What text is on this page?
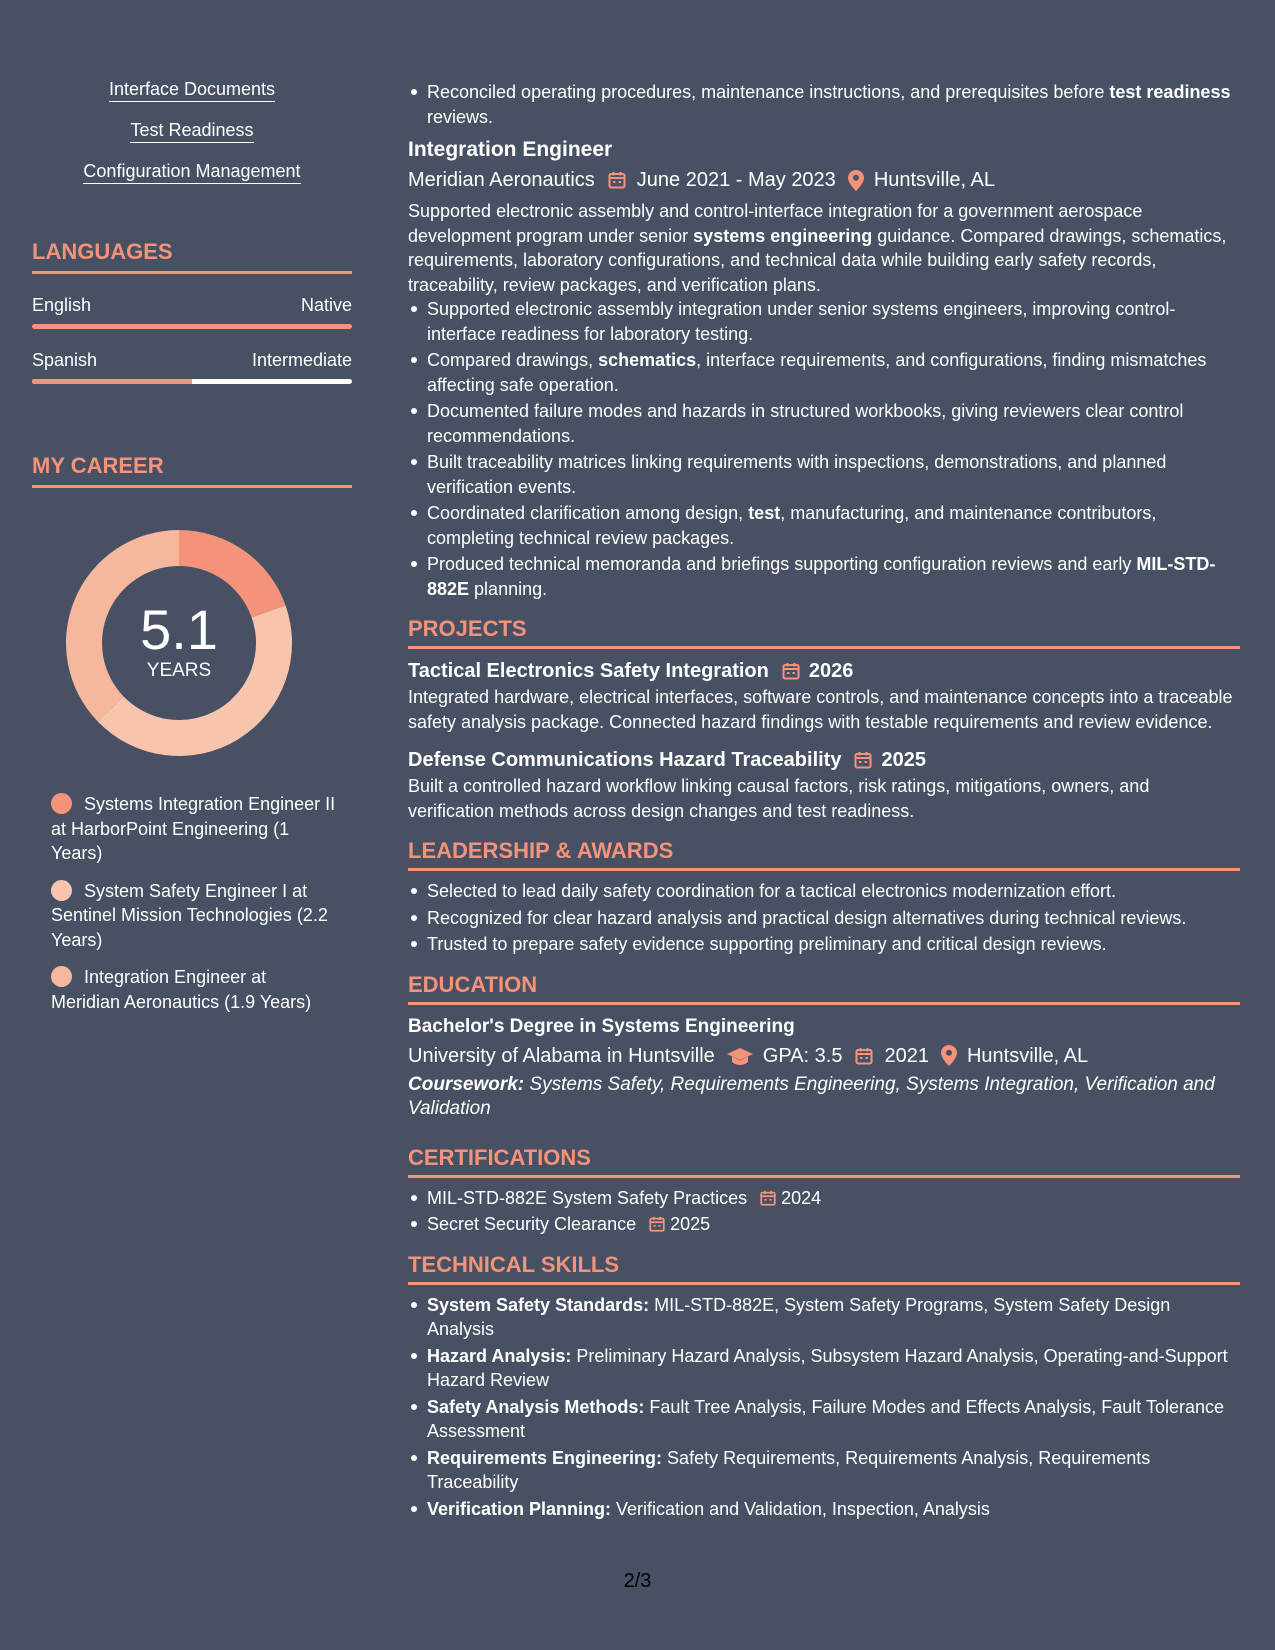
Interface Documents
Test Readiness
Configuration Management
LANGUAGES
English	Native
Spanish	Intermediate
MY CAREER
5.1
YEARS
Systems Integration Engineer II at HarborPoint Engineering (1 Years)
System Safety Engineer I at Sentinel Mission Technologies (2.2 Years)
Integration Engineer at Meridian Aeronautics (1.9 Years)
Reconciled operating procedures, maintenance instructions, and prerequisites before test readiness reviews.
Integration Engineer
Meridian Aeronautics June 2021 - May 2023 Huntsville, AL
Supported electronic assembly and control-interface integration for a government aerospace development program under senior systems engineering guidance. Compared drawings, schematics, requirements, laboratory configurations, and technical data while building early safety records, traceability, review packages, and verification plans.
Supported electronic assembly integration under senior systems engineers, improving control-interface readiness for laboratory testing.
Compared drawings, schematics, interface requirements, and configurations, finding mismatches affecting safe operation.
Documented failure modes and hazards in structured workbooks, giving reviewers clear control recommendations.
Built traceability matrices linking requirements with inspections, demonstrations, and planned verification events.
Coordinated clarification among design, test, manufacturing, and maintenance contributors, completing technical review packages.
Produced technical memoranda and briefings supporting configuration reviews and early MIL-STD-882E planning.
PROJECTS
Tactical Electronics Safety Integration 2026
Integrated hardware, electrical interfaces, software controls, and maintenance concepts into a traceable safety analysis package. Connected hazard findings with testable requirements and review evidence.
Defense Communications Hazard Traceability 2025
Built a controlled hazard workflow linking causal factors, risk ratings, mitigations, owners, and verification methods across design changes and test readiness.
LEADERSHIP & AWARDS
Selected to lead daily safety coordination for a tactical electronics modernization effort.
Recognized for clear hazard analysis and practical design alternatives during technical reviews.
Trusted to prepare safety evidence supporting preliminary and critical design reviews.
EDUCATION
Bachelor's Degree in Systems Engineering
University of Alabama in Huntsville GPA: 3.5 2021 Huntsville, AL
Coursework: Systems Safety, Requirements Engineering, Systems Integration, Verification and Validation
CERTIFICATIONS
MIL-STD-882E System Safety Practices 2024
Secret Security Clearance 2025
TECHNICAL SKILLS
System Safety Standards: MIL-STD-882E, System Safety Programs, System Safety Design Analysis
Hazard Analysis: Preliminary Hazard Analysis, Subsystem Hazard Analysis, Operating-and-Support Hazard Review
Safety Analysis Methods: Fault Tree Analysis, Failure Modes and Effects Analysis, Fault Tolerance Assessment
Requirements Engineering: Safety Requirements, Requirements Analysis, Requirements Traceability
Verification Planning: Verification and Validation, Inspection, Analysis
2/3
